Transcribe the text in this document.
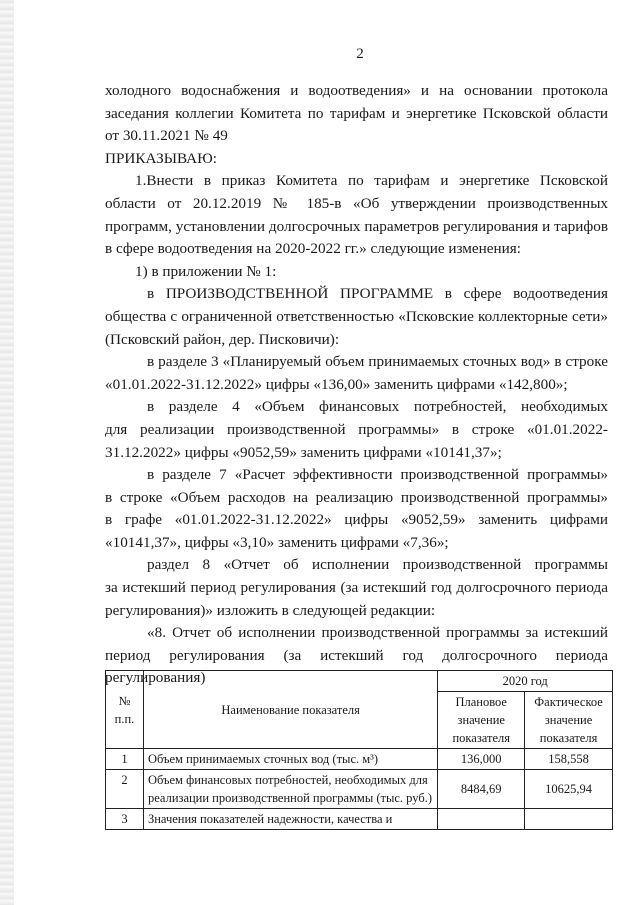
2

холодного водоснабжения и водоотведения» и на основании протокола

заседания коллегии Комитета по тарифам и энергетике Псковской области

от 30.11.2021 № 49

ПРИКАЗЫВАЮ:

1.Внести в приказ Комитета по тарифам и энергетике Псковской

области от 20.12.2019 № 185-в «Об утверждении производственных

программ, установлении долгосрочных параметров регулирования и тарифов

в сфере водоотведения на 2020-2022 гг.» следующие изменения:

1) в приложении № 1:

в ПРОИЗВОДСТВЕННОЙ ПРОГРАММЕ в сфере водоотведения

общества с ограниченной ответственностью «Псковские коллекторные сети»

(Псковский район, дер. Писковичи):

в разделе 3 «Планируемый объем принимаемых сточных вод» в строке

«01.01.2022-31.12.2022» цифры «136,00» заменить цифрами «142,800»;

в разделе 4 «Объем финансовых потребностей, необходимых

для реализации производственной программы» в строке «01.01.2022-

31.12.2022» цифры «9052,59» заменить цифрами «10141,37»;

в разделе 7 «Расчет эффективности производственной программы»

в строке «Объем расходов на реализацию производственной программы»

в графе «01.01.2022-31.12.2022» цифры «9052,59» заменить цифрами

«10141,37», цифры «3,10» заменить цифрами «7,36»;

раздел 8 «Отчет об исполнении производственной программы

за истекший период регулирования (за истекший год долгосрочного периода

регулирования)» изложить в следующей редакции:

«8. Отчет об исполнении производственной программы за истекший

период регулирования (за истекший год долгосрочного периода

регулирования)

№ п.п.	Наименование показателя	2020 год	
		Плановое значение показателя	Фактическое значение показателя
1	Объем принимаемых сточных вод (тыс. м³)	136,000	158,558
2	Объем финансовых потребностей, необходимых для реализации производственной программы (тыс. руб.)	8484,69	10625,94
3	Значения показателей надежности, качества и		
